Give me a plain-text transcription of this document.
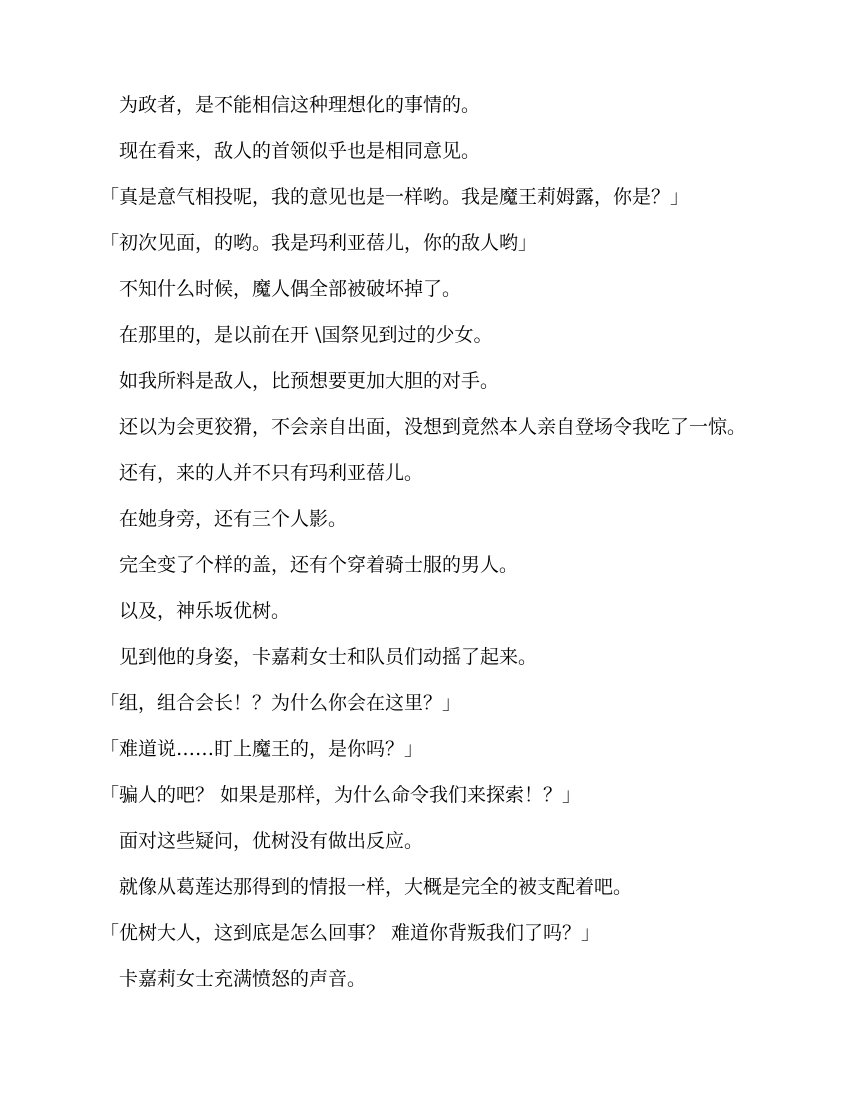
　为政者，是不能相信这种理想化的事情的。

　现在看来，敌人的首领似乎也是相同意见。

「真是意气相投呢，我的意见也是一样哟。我是魔王莉姆露，你是？」

「初次见面，的哟。我是玛利亚蓓儿，你的敌人哟」

　不知什么时候，魔人偶全部被破坏掉了。

　在那里的，是以前在开 \国祭见到过的少女。

　如我所料是敌人，比预想要更加大胆的对手。

　还以为会更狡猾，不会亲自出面，没想到竟然本人亲自登场令我吃了一惊。

　还有，来的人并不只有玛利亚蓓儿。

　在她身旁，还有三个人影。

　完全变了个样的盖，还有个穿着骑士服的男人。

　以及，神乐坂优树。

　见到他的身姿，卡嘉莉女士和队员们动摇了起来。

「组，组合会长！？为什么你会在这里？」

「难道说……盯上魔王的，是你吗？」

「骗人的吧？ 如果是那样，为什么命令我们来探索！？」

　面对这些疑问，优树没有做出反应。

　就像从葛莲达那得到的情报一样，大概是完全的被支配着吧。

「优树大人，这到底是怎么回事？ 难道你背叛我们了吗？」

　卡嘉莉女士充满愤怒的声音。
